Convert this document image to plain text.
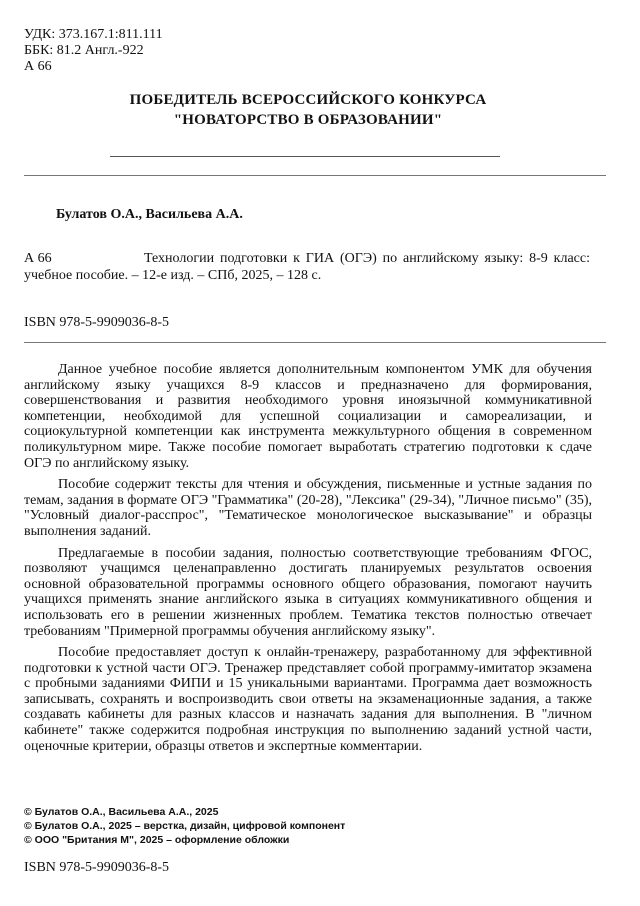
УДК: 373.167.1:811.111
ББК: 81.2 Англ.-922
А 66
ПОБЕДИТЕЛЬ ВСЕРОССИЙСКОГО КОНКУРСА
"НОВАТОРСТВО В ОБРАЗОВАНИИ"
Булатов О.А., Васильева А.А.
А 66	Технологии подготовки к ГИА (ОГЭ) по английскому языку: 8-9 класс: учебное пособие. – 12-е изд. – СПб, 2025, – 128 с.
ISBN 978-5-9909036-8-5

Данное учебное пособие является дополнительным компонентом УМК для обучения английскому языку учащихся 8-9 классов и предназначено для формирования, совершенствования и развития необходимого уровня иноязычной коммуникативной компетенции, необходимой для успешной социализации и самореализации, и социокультурной компетенции как инструмента межкультурного общения в современном поликультурном мире. Также пособие помогает выработать стратегию подготовки к сдаче ОГЭ по английскому языку.

Пособие содержит тексты для чтения и обсуждения, письменные и устные задания по темам, задания в формате ОГЭ "Грамматика" (20-28), "Лексика" (29-34), "Личное письмо" (35), "Условный диалог-расспрос", "Тематическое монологическое высказывание" и образцы выполнения заданий.

Предлагаемые в пособии задания, полностью соответствующие требованиям ФГОС, позволяют учащимся целенаправленно достигать планируемых результатов освоения основной образовательной программы основного общего образования, помогают научить учащихся применять знание английского языка в ситуациях коммуникативного общения и использовать его в решении жизненных проблем. Тематика текстов полностью отвечает требованиям "Примерной программы обучения английскому языку".

Пособие предоставляет доступ к онлайн-тренажеру, разработанному для эффективной подготовки к устной части ОГЭ. Тренажер представляет собой программу-имитатор экзамена с пробными заданиями ФИПИ и 15 уникальными вариантами. Программа дает возможность записывать, сохранять и воспроизводить свои ответы на экзаменационные задания, а также создавать кабинеты для разных классов и назначать задания для выполнения. В "личном кабинете" также содержится подробная инструкция по выполнению заданий устной части, оценочные критерии, образцы ответов и экспертные комментарии.

© Булатов О.А., Васильева А.А., 2025
© Булатов О.А., 2025 – верстка, дизайн, цифровой компонент
© ООО "Британия М", 2025 – оформление обложки
ISBN 978-5-9909036-8-5
